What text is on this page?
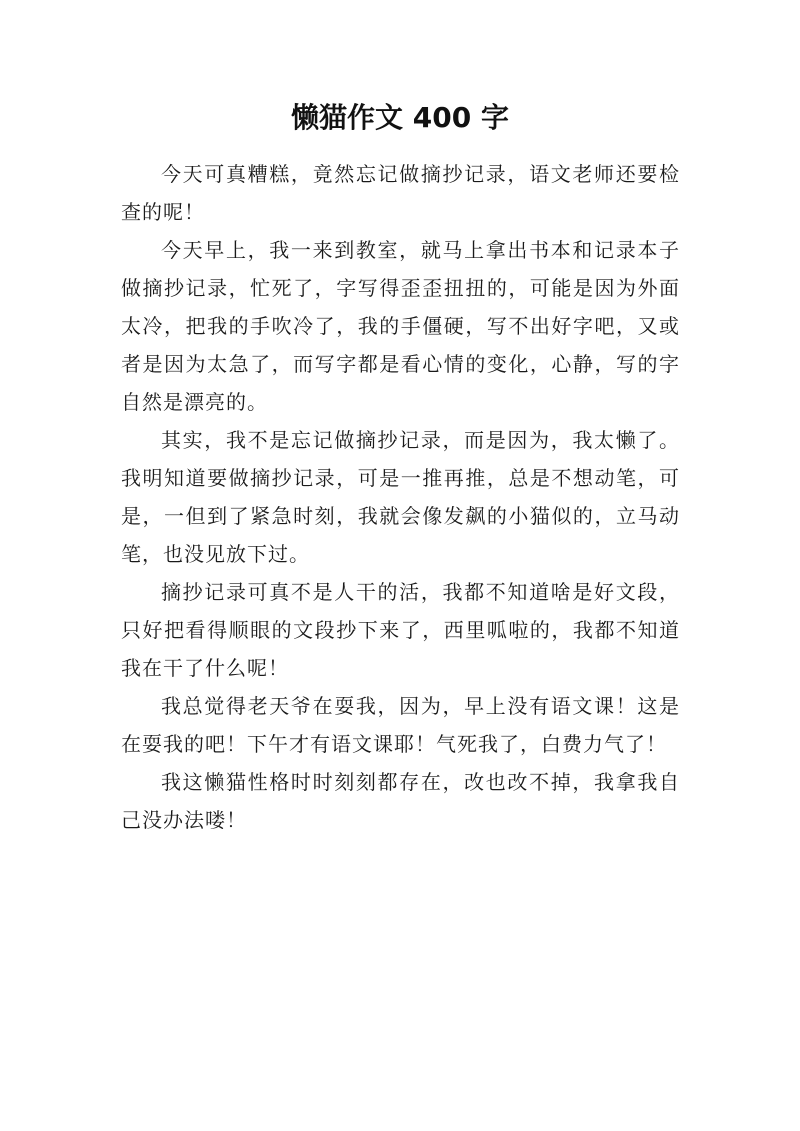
懒猫作文 400 字

今天可真糟糕，竟然忘记做摘抄记录，语文老师还要检查的呢！

今天早上，我一来到教室，就马上拿出书本和记录本子做摘抄记录，忙死了，字写得歪歪扭扭的，可能是因为外面太冷，把我的手吹冷了，我的手僵硬，写不出好字吧，又或者是因为太急了，而写字都是看心情的变化，心静，写的字自然是漂亮的。

其实，我不是忘记做摘抄记录，而是因为，我太懒了。我明知道要做摘抄记录，可是一推再推，总是不想动笔，可是，一但到了紧急时刻，我就会像发飙的小猫似的，立马动笔，也没见放下过。

摘抄记录可真不是人干的活，我都不知道啥是好文段，只好把看得顺眼的文段抄下来了，西里呱啦的，我都不知道我在干了什么呢！

我总觉得老天爷在耍我，因为，早上没有语文课！这是在耍我的吧！下午才有语文课耶！气死我了，白费力气了！

我这懒猫性格时时刻刻都存在，改也改不掉，我拿我自己没办法喽！
